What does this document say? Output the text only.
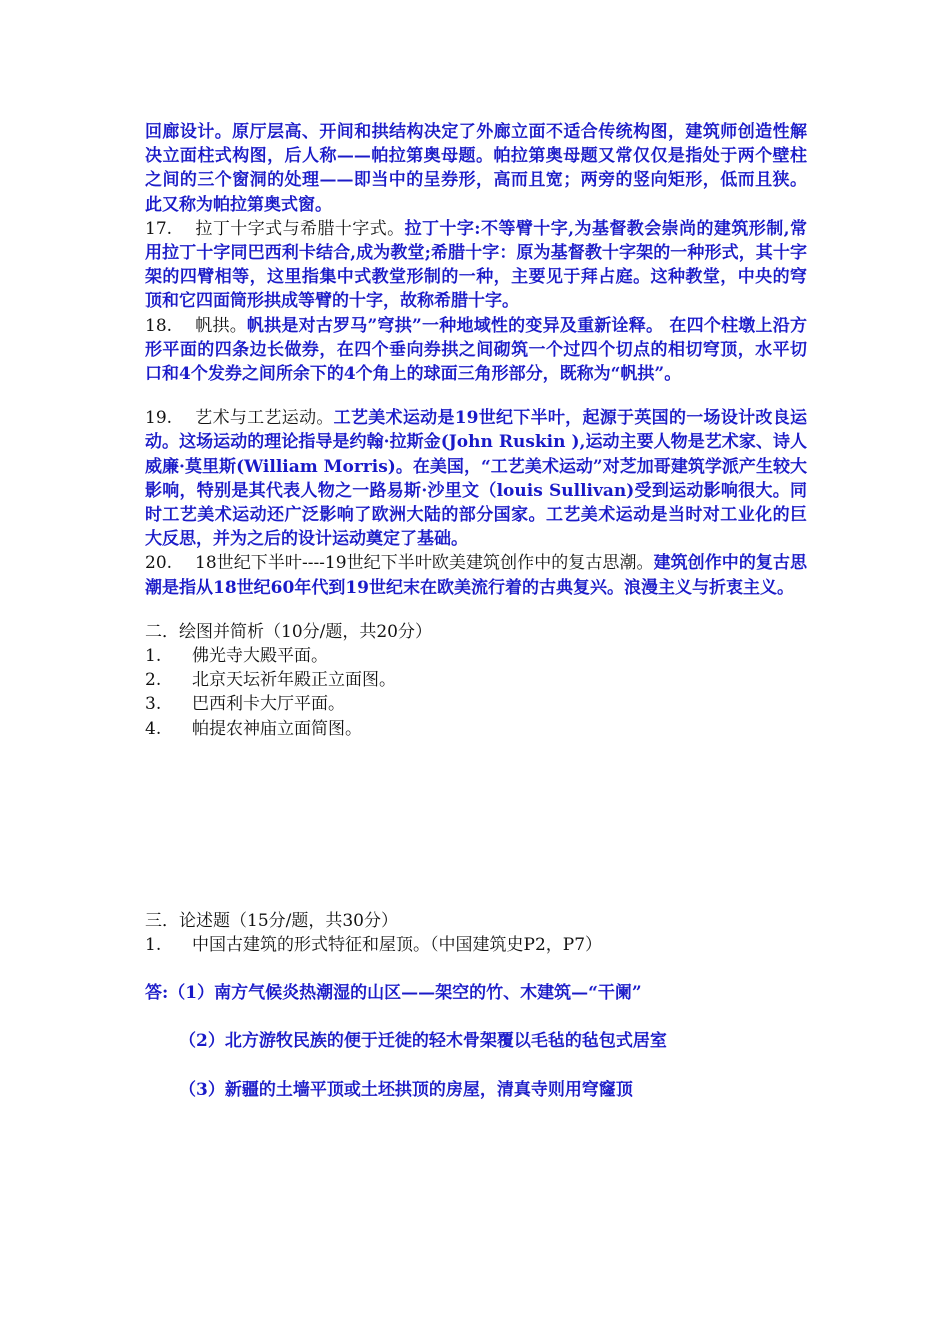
回廊设计。原厅层高、开间和拱结构决定了外廊立面不适合传统构图，建筑师创造性解决立面柱式构图，后人称——帕拉第奥母题。帕拉第奥母题又常仅仅是指处于两个壁柱之间的三个窗洞的处理——即当中的呈券形，高而且宽；两旁的竖向矩形，低而且狭。此又称为帕拉第奥式窗。

17. 拉丁十字式与希腊十字式。拉丁十字:不等臂十字,为基督教会崇尚的建筑形制,常用拉丁十字同巴西利卡结合,成为教堂;希腊十字：原为基督教十字架的一种形式，其十字架的四臂相等，这里指集中式教堂形制的一种，主要见于拜占庭。这种教堂，中央的穹顶和它四面筒形拱成等臂的十字，故称希腊十字。

18. 帆拱。帆拱是对古罗马”穹拱”一种地域性的变异及重新诠释。 在四个柱墩上沿方形平面的四条边长做券，在四个垂向券拱之间砌筑一个过四个切点的相切穹顶，水平切口和4个发券之间所余下的4个角上的球面三角形部分，既称为“帆拱”。

19. 艺术与工艺运动。工艺美术运动是19世纪下半叶，起源于英国的一场设计改良运动。这场运动的理论指导是约翰·拉斯金(John Ruskin ),运动主要人物是艺术家、诗人威廉·莫里斯(William Morris)。在美国，“工艺美术运动”对芝加哥建筑学派产生较大影响，特别是其代表人物之一路易斯·沙里文（louis Sullivan)受到运动影响很大。同时工艺美术运动还广泛影响了欧洲大陆的部分国家。工艺美术运动是当时对工业化的巨大反思，并为之后的设计运动奠定了基础。

20. 18世纪下半叶----19世纪下半叶欧美建筑创作中的复古思潮。建筑创作中的复古思潮是指从18世纪60年代到19世纪末在欧美流行着的古典复兴。浪漫主义与折衷主义。

二．绘图并简析（10分/题，共20分）

1. 佛光寺大殿平面。

2. 北京天坛祈年殿正立面图。

3. 巴西利卡大厅平面。

4. 帕提农神庙立面简图。

三．论述题（15分/题，共30分）

1. 中国古建筑的形式特征和屋顶。（中国建筑史P2，P7）

答:（1）南方气候炎热潮湿的山区——架空的竹、木建筑—“干阑”

（2）北方游牧民族的便于迁徙的轻木骨架覆以毛毡的毡包式居室

（3）新疆的土墙平顶或土坯拱顶的房屋，清真寺则用穹窿顶
